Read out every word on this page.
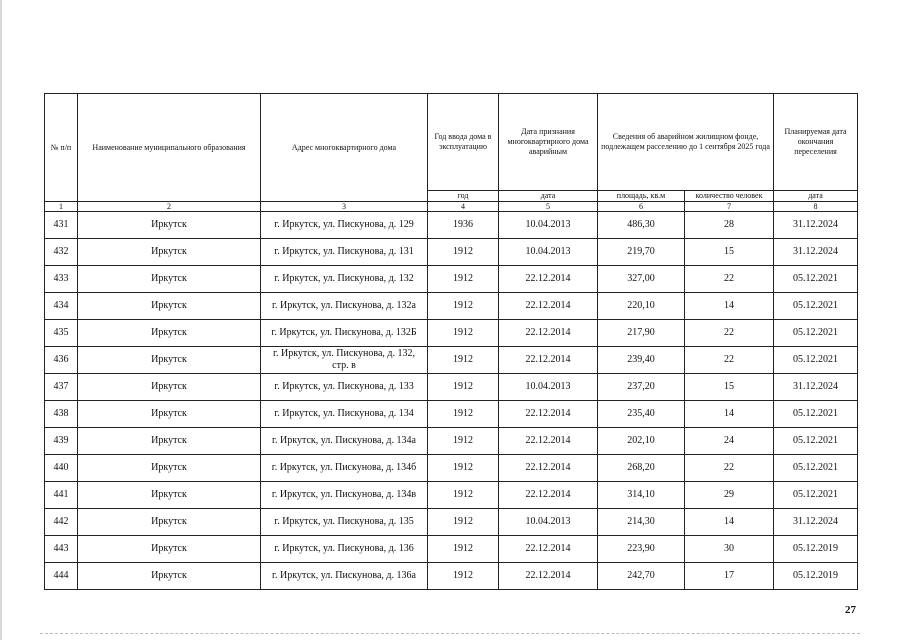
№ п/п	Наименование муниципального образования	Адрес многоквартирного дома	Год ввода дома в эксплуатацию	Дата признания многоквартирного дома аварийным	Сведения об аварийном жилищном фонде, подлежащем расселению до 1 сентября 2025 года		Планируемая дата окончания переселения
			год	дата	площадь, кв.м	количество человек	дата
1	2	3	4	5	6	7	8
431	Иркутск	г. Иркутск, ул. Пискунова, д. 129	1936	10.04.2013	486,30	28	31.12.2024
432	Иркутск	г. Иркутск, ул. Пискунова, д. 131	1912	10.04.2013	219,70	15	31.12.2024
433	Иркутск	г. Иркутск, ул. Пискунова, д. 132	1912	22.12.2014	327,00	22	05.12.2021
434	Иркутск	г. Иркутск, ул. Пискунова, д. 132а	1912	22.12.2014	220,10	14	05.12.2021
435	Иркутск	г. Иркутск, ул. Пискунова, д. 132Б	1912	22.12.2014	217,90	22	05.12.2021
436	Иркутск	г. Иркутск, ул. Пискунова, д. 132, стр. в	1912	22.12.2014	239,40	22	05.12.2021
437	Иркутск	г. Иркутск, ул. Пискунова, д. 133	1912	10.04.2013	237,20	15	31.12.2024
438	Иркутск	г. Иркутск, ул. Пискунова, д. 134	1912	22.12.2014	235,40	14	05.12.2021
439	Иркутск	г. Иркутск, ул. Пискунова, д. 134а	1912	22.12.2014	202,10	24	05.12.2021
440	Иркутск	г. Иркутск, ул. Пискунова, д. 134б	1912	22.12.2014	268,20	22	05.12.2021
441	Иркутск	г. Иркутск, ул. Пискунова, д. 134в	1912	22.12.2014	314,10	29	05.12.2021
442	Иркутск	г. Иркутск, ул. Пискунова, д. 135	1912	10.04.2013	214,30	14	31.12.2024
443	Иркутск	г. Иркутск, ул. Пискунова, д. 136	1912	22.12.2014	223,90	30	05.12.2019
444	Иркутск	г. Иркутск, ул. Пискунова, д. 136а	1912	22.12.2014	242,70	17	05.12.2019
27
